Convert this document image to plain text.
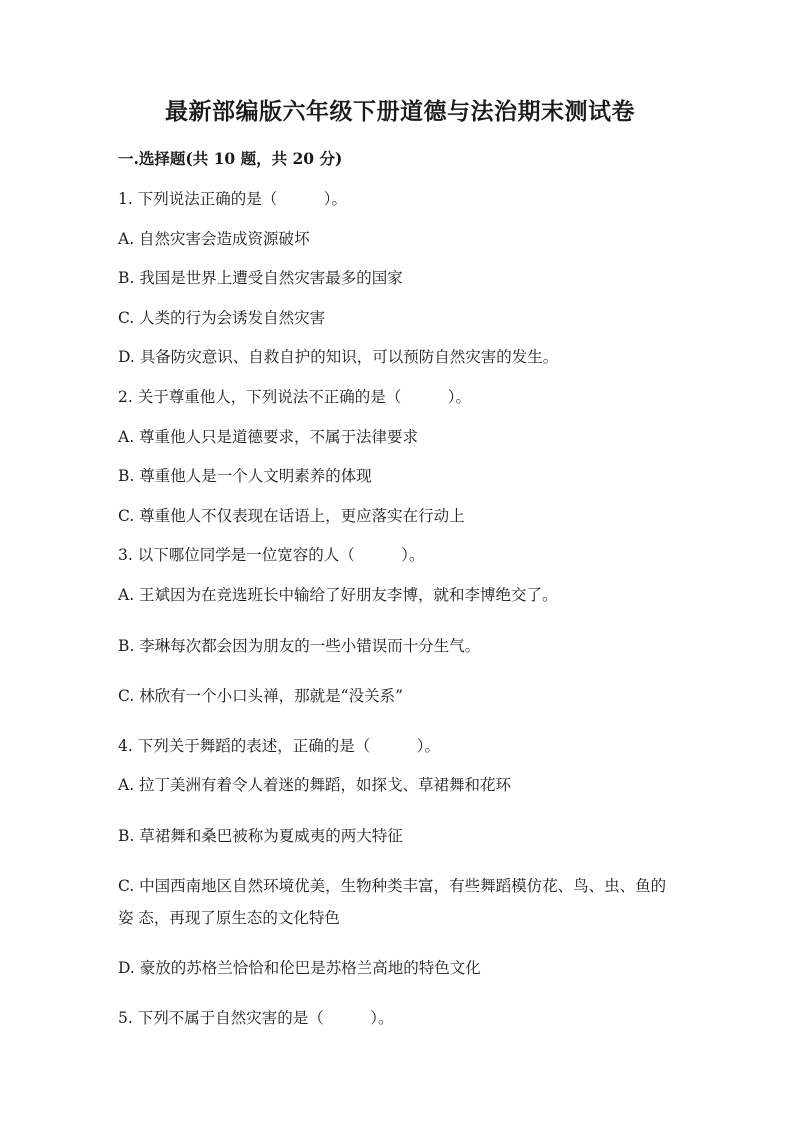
最新部编版六年级下册道德与法治期末测试卷
一.选择题(共 10 题，共 20 分)
1. 下列说法正确的是（　　　）。
A. 自然灾害会造成资源破坏
B. 我国是世界上遭受自然灾害最多的国家
C. 人类的行为会诱发自然灾害
D. 具备防灾意识、自救自护的知识，可以预防自然灾害的发生。
2. 关于尊重他人，下列说法不正确的是（　　　）。
A. 尊重他人只是道德要求，不属于法律要求
B. 尊重他人是一个人文明素养的体现
C. 尊重他人不仅表现在话语上，更应落实在行动上
3. 以下哪位同学是一位宽容的人（　　　）。
A. 王斌因为在竞选班长中输给了好朋友李博，就和李博绝交了。
B. 李琳每次都会因为朋友的一些小错误而十分生气。
C. 林欣有一个小口头禅，那就是“没关系”
4. 下列关于舞蹈的表述，正确的是（　　　）。
A. 拉丁美洲有着令人着迷的舞蹈，如探戈、草裙舞和花环
B. 草裙舞和桑巴被称为夏威夷的两大特征
C. 中国西南地区自然环境优美，生物种类丰富，有些舞蹈模仿花、鸟、虫、鱼的姿 态，再现了原生态的文化特色
D. 豪放的苏格兰恰恰和伦巴是苏格兰高地的特色文化
5. 下列不属于自然灾害的是（　　　）。
